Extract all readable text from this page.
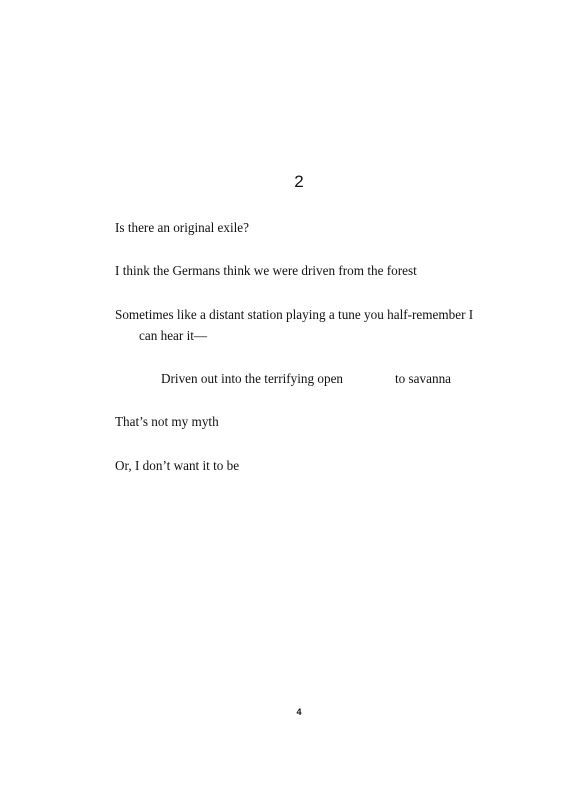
2
Is there an original exile?
I think the Germans think we were driven from the forest
Sometimes like a distant station playing a tune you half-remember I
can hear it—
Driven out into the terrifying open	to savanna
That’s not my myth
Or, I don’t want it to be
4
